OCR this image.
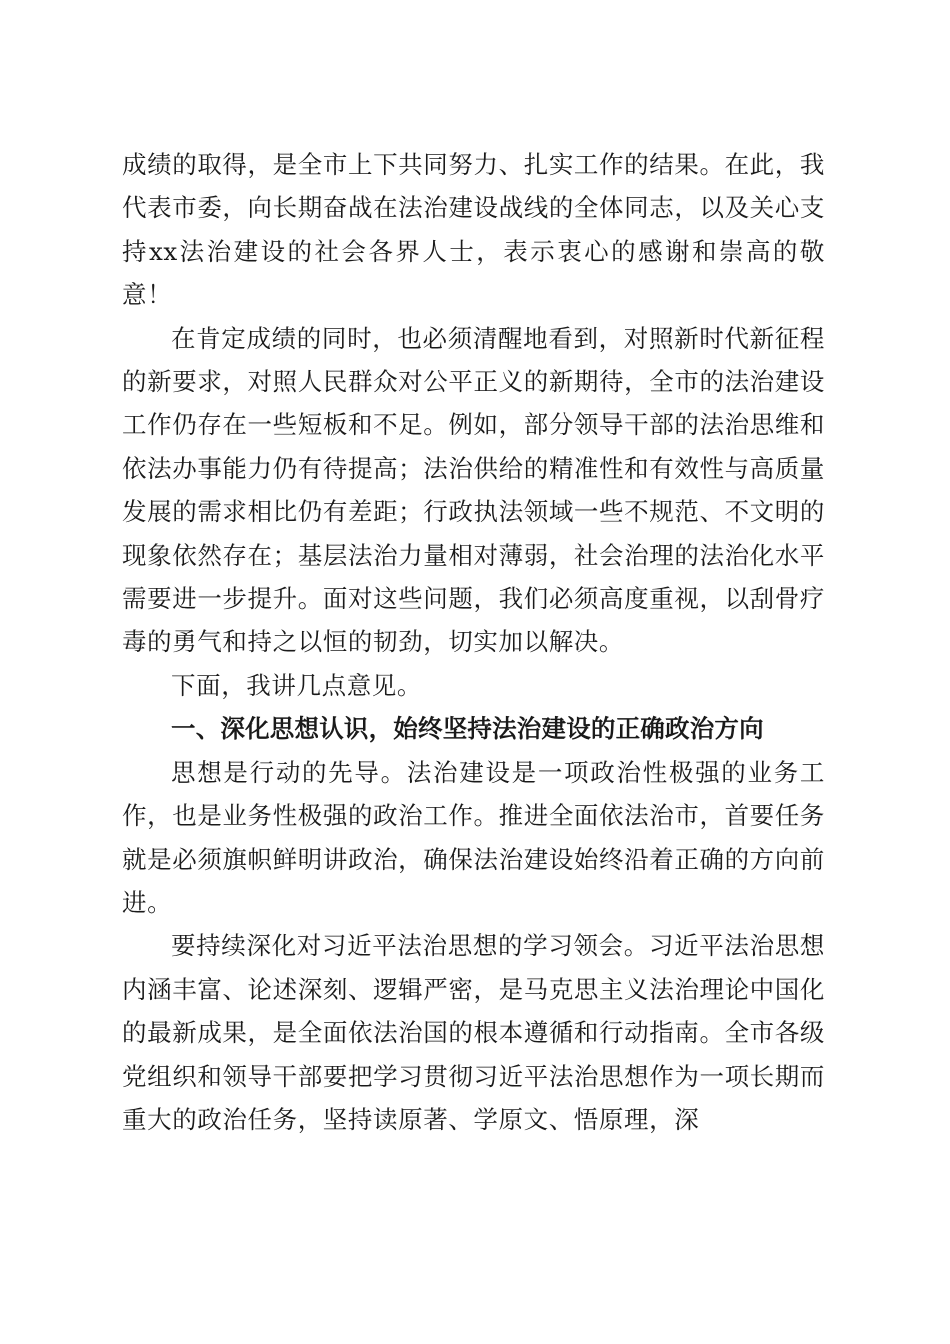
成绩的取得，是全市上下共同努力、扎实工作的结果。在此，我代表市委，向长期奋战在法治建设战线的全体同志，以及关心支持xx法治建设的社会各界人士，表示衷心的感谢和崇高的敬意！

在肯定成绩的同时，也必须清醒地看到，对照新时代新征程的新要求，对照人民群众对公平正义的新期待，全市的法治建设工作仍存在一些短板和不足。例如，部分领导干部的法治思维和依法办事能力仍有待提高；法治供给的精准性和有效性与高质量发展的需求相比仍有差距；行政执法领域一些不规范、不文明的现象依然存在；基层法治力量相对薄弱，社会治理的法治化水平需要进一步提升。面对这些问题，我们必须高度重视，以刮骨疗毒的勇气和持之以恒的韧劲，切实加以解决。

下面，我讲几点意见。

一、深化思想认识，始终坚持法治建设的正确政治方向

思想是行动的先导。法治建设是一项政治性极强的业务工作，也是业务性极强的政治工作。推进全面依法治市，首要任务就是必须旗帜鲜明讲政治，确保法治建设始终沿着正确的方向前进。

要持续深化对习近平法治思想的学习领会。习近平法治思想内涵丰富、论述深刻、逻辑严密，是马克思主义法治理论中国化的最新成果，是全面依法治国的根本遵循和行动指南。全市各级党组织和领导干部要把学习贯彻习近平法治思想作为一项长期而重大的政治任务，坚持读原著、学原文、悟原理，深
